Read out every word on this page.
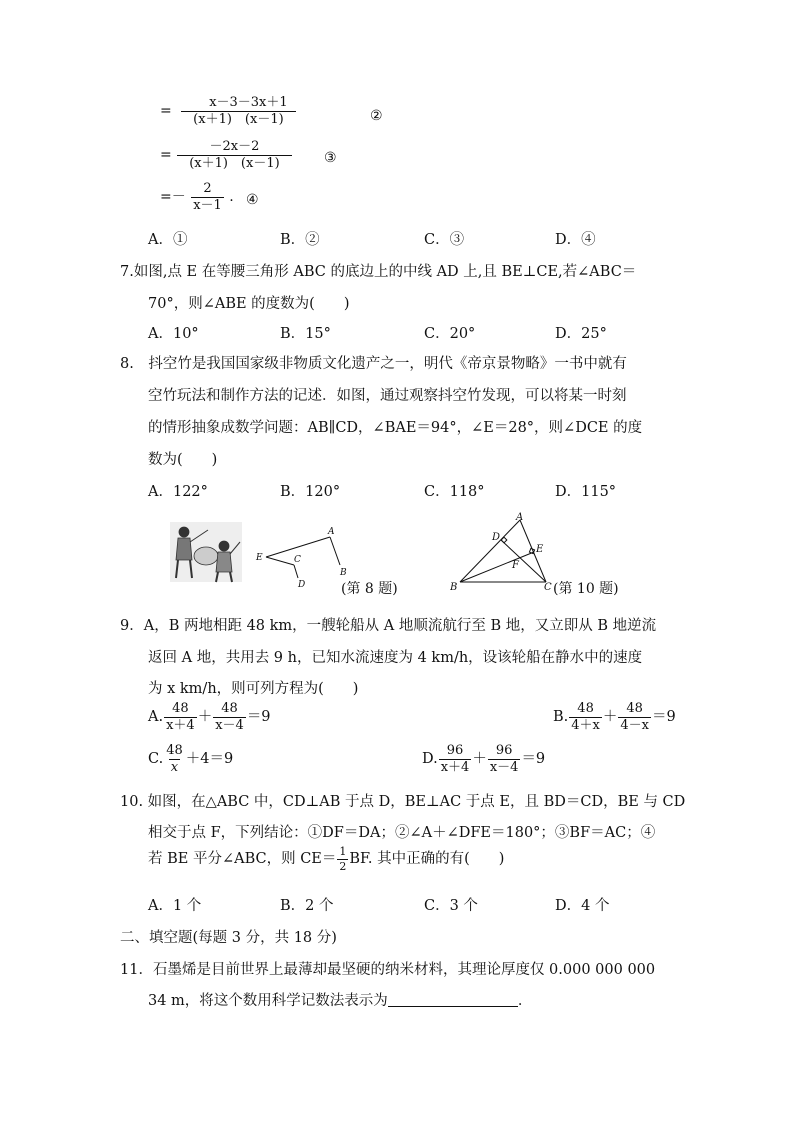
= $\frac{x-3-3x+1}{(x+1) (x-1)}$	②
= $\frac{-2x-2}{(x+1) (x-1)}$ ③
=－ $\frac{2}{x-1}$ . ④
A．①	B．②	C．③	D．④
7.如图,点 E 在等腰三角形 ABC 的底边上的中线 AD 上,且 BE⊥CE,若∠ABC＝
70°，则∠ABE 的度数为(　　)
A．10°	B．15°	C．20°	D．25°
8.　抖空竹是我国国家级非物质文化遗产之一，明代《帝京景物略》一书中就有
空竹玩法和制作方法的记述．如图，通过观察抖空竹发现，可以将某一时刻
的情形抽象成数学问题：AB∥CD，∠BAE＝94°，∠E＝28°，则∠DCE 的度
数为(　　)
A．122°	B．120°	C．118°	D．115°
A
B
C
D
E
(第 8 题)
A
B	C
D
E
F
(第 10 题)
9．A，B 两地相距 48 km，一艘轮船从 A 地顺流航行至 B 地，又立即从 B 地逆流
返回 A 地，共用去 9 h，已知水流速度为 4 km/h，设该轮船在静水中的速度
为 x km/h，则可列方程为(　　)
A. $\frac{48}{x+4} + \frac{48}{x-4} =9$	B. $\frac{48}{4+x} + \frac{48}{4-x} =9$
C. $\frac{48}{x} +4=9$	D. $\frac{96}{x+4} + \frac{96}{x-4} =9$
10. 如图，在△ABC 中，CD⊥AB 于点 D，BE⊥AC 于点 E，且 BD＝CD，BE 与 CD
相交于点 F，下列结论：①DF＝DA；②∠A＋∠DFE＝180°；③BF＝AC；④
若 BE 平分∠ABC，则 $CE= \frac{1}{2}$ BF. 其中正确的有(　　)
A．1 个	B．2 个	C．3 个	D．4 个
二、填空题(每题 3 分，共 18 分)
11．石墨烯是目前世界上最薄却最坚硬的纳米材料，其理论厚度仅 0.000 000 000
34 m，将这个数用科学记数法表示为	．
